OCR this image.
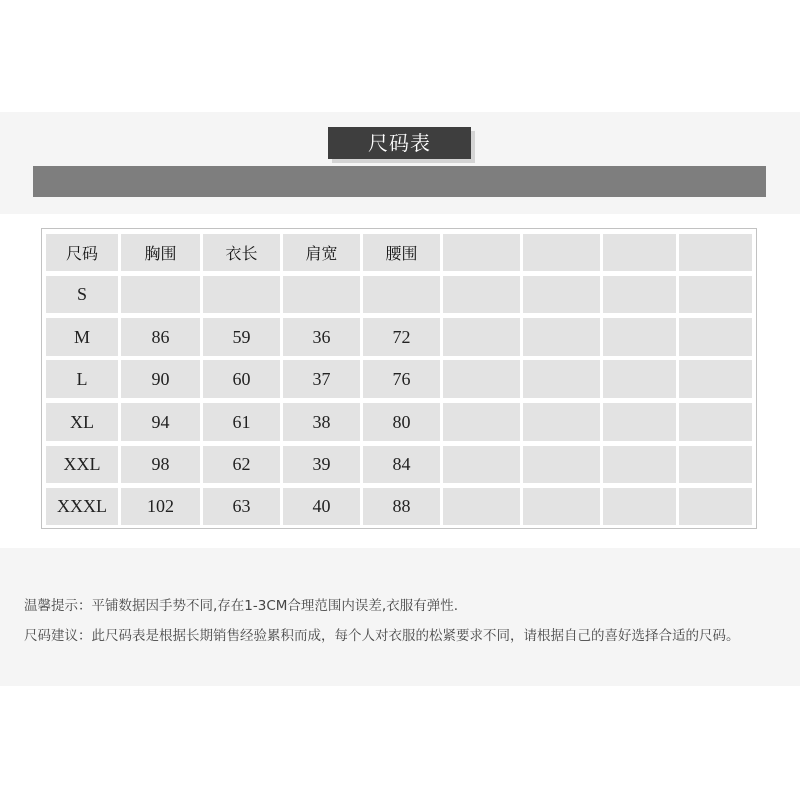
尺码表
尺码	胸围	衣长	肩宽	腰围
S
M	86	59	36	72
L	90	60	37	76
XL	94	61	38	80
XXL	98	62	39	84
XXXL	102	63	40	88
温馨提示：平铺数据因手势不同,存在1-3CM合理范围内误差,衣服有弹性.
尺码建议：此尺码表是根据长期销售经验累积而成，每个人对衣服的松紧要求不同，请根据自己的喜好选择合适的尺码。
